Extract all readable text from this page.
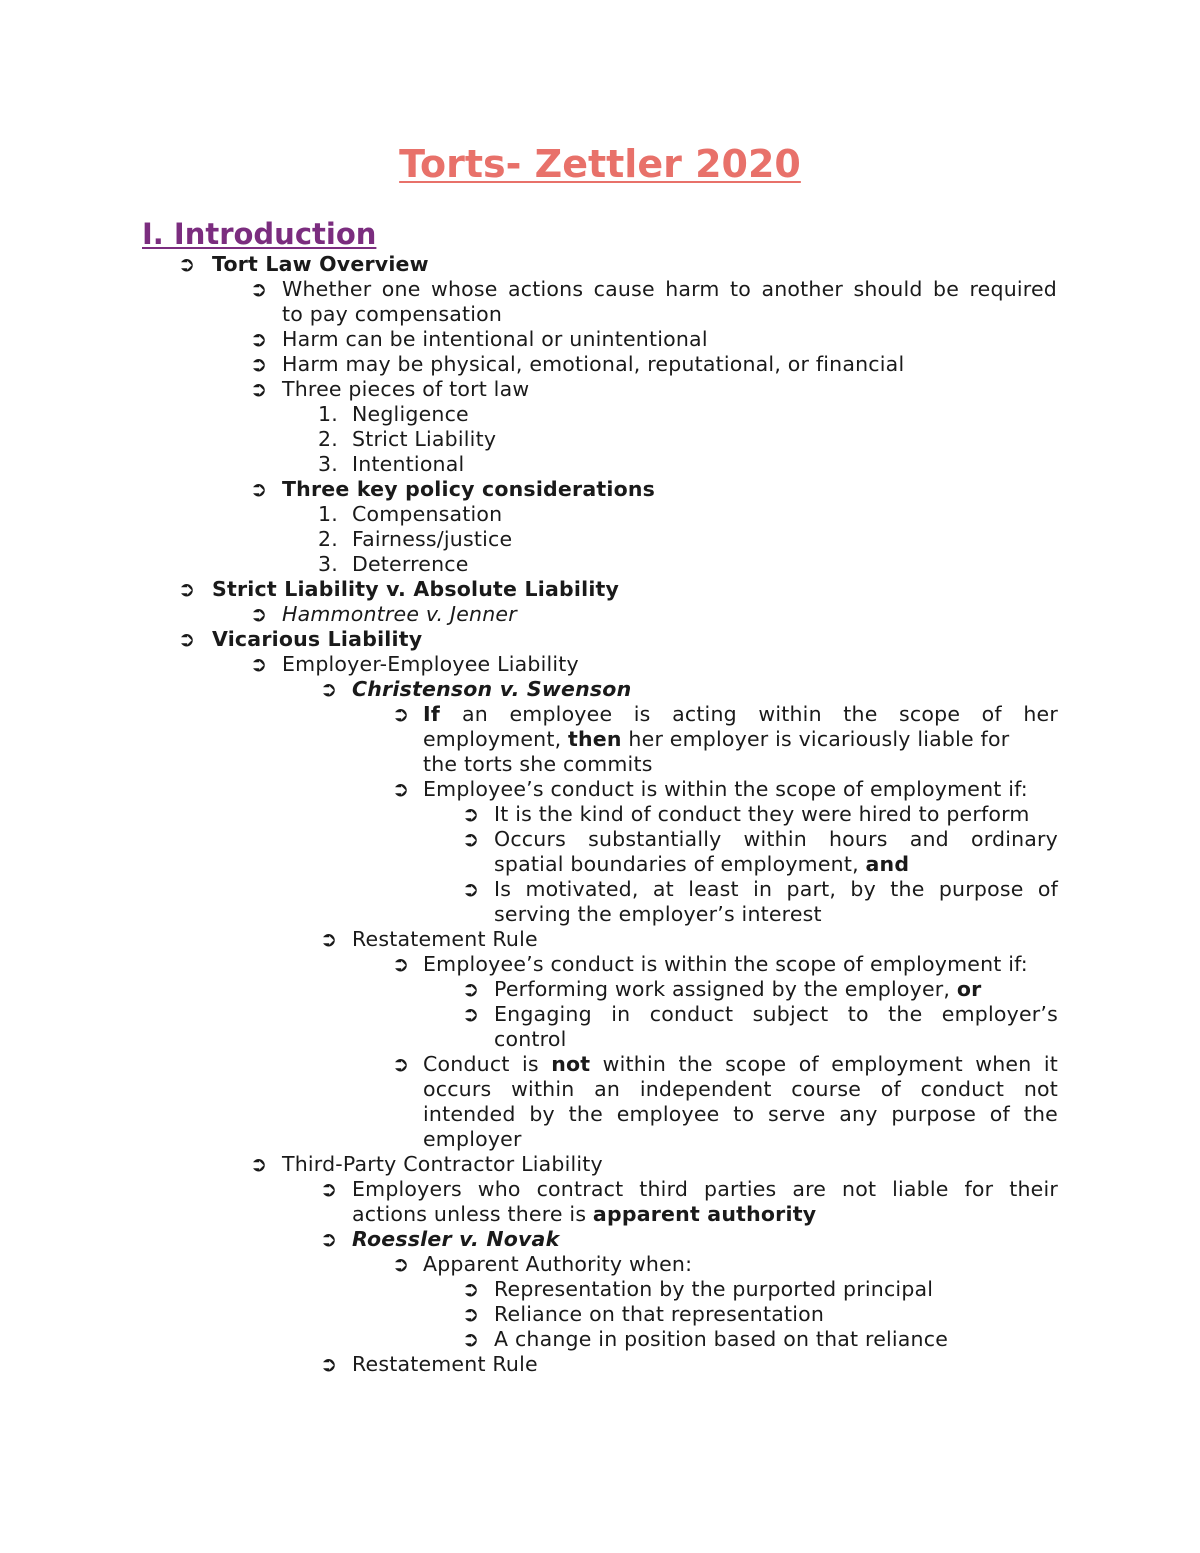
Torts- Zettler 2020
I. Introduction
➲ Tort Law Overview
➲ Whether one whose actions cause harm to another should be required
to pay compensation
➲ Harm can be intentional or unintentional
➲ Harm may be physical, emotional, reputational, or financial
➲ Three pieces of tort law
1. Negligence
2. Strict Liability
3. Intentional
➲ Three key policy considerations
1. Compensation
2. Fairness/justice
3. Deterrence
➲ Strict Liability v. Absolute Liability
➲ Hammontree v. Jenner
➲ Vicarious Liability
➲ Employer-Employee Liability
➲ Christenson v. Swenson
➲ If an employee is acting within the scope of her
employment, then her employer is vicariously liable for
the torts she commits
➲ Employee’s conduct is within the scope of employment if:
➲ It is the kind of conduct they were hired to perform
➲ Occurs substantially within hours and ordinary
spatial boundaries of employment, and
➲ Is motivated, at least in part, by the purpose of
serving the employer’s interest
➲ Restatement Rule
➲ Employee’s conduct is within the scope of employment if:
➲ Performing work assigned by the employer, or
➲ Engaging in conduct subject to the employer’s
control
➲ Conduct is not within the scope of employment when it
occurs within an independent course of conduct not
intended by the employee to serve any purpose of the
employer
➲ Third-Party Contractor Liability
➲ Employers who contract third parties are not liable for their
actions unless there is apparent authority
➲ Roessler v. Novak
➲ Apparent Authority when:
➲ Representation by the purported principal
➲ Reliance on that representation
➲ A change in position based on that reliance
➲ Restatement Rule
